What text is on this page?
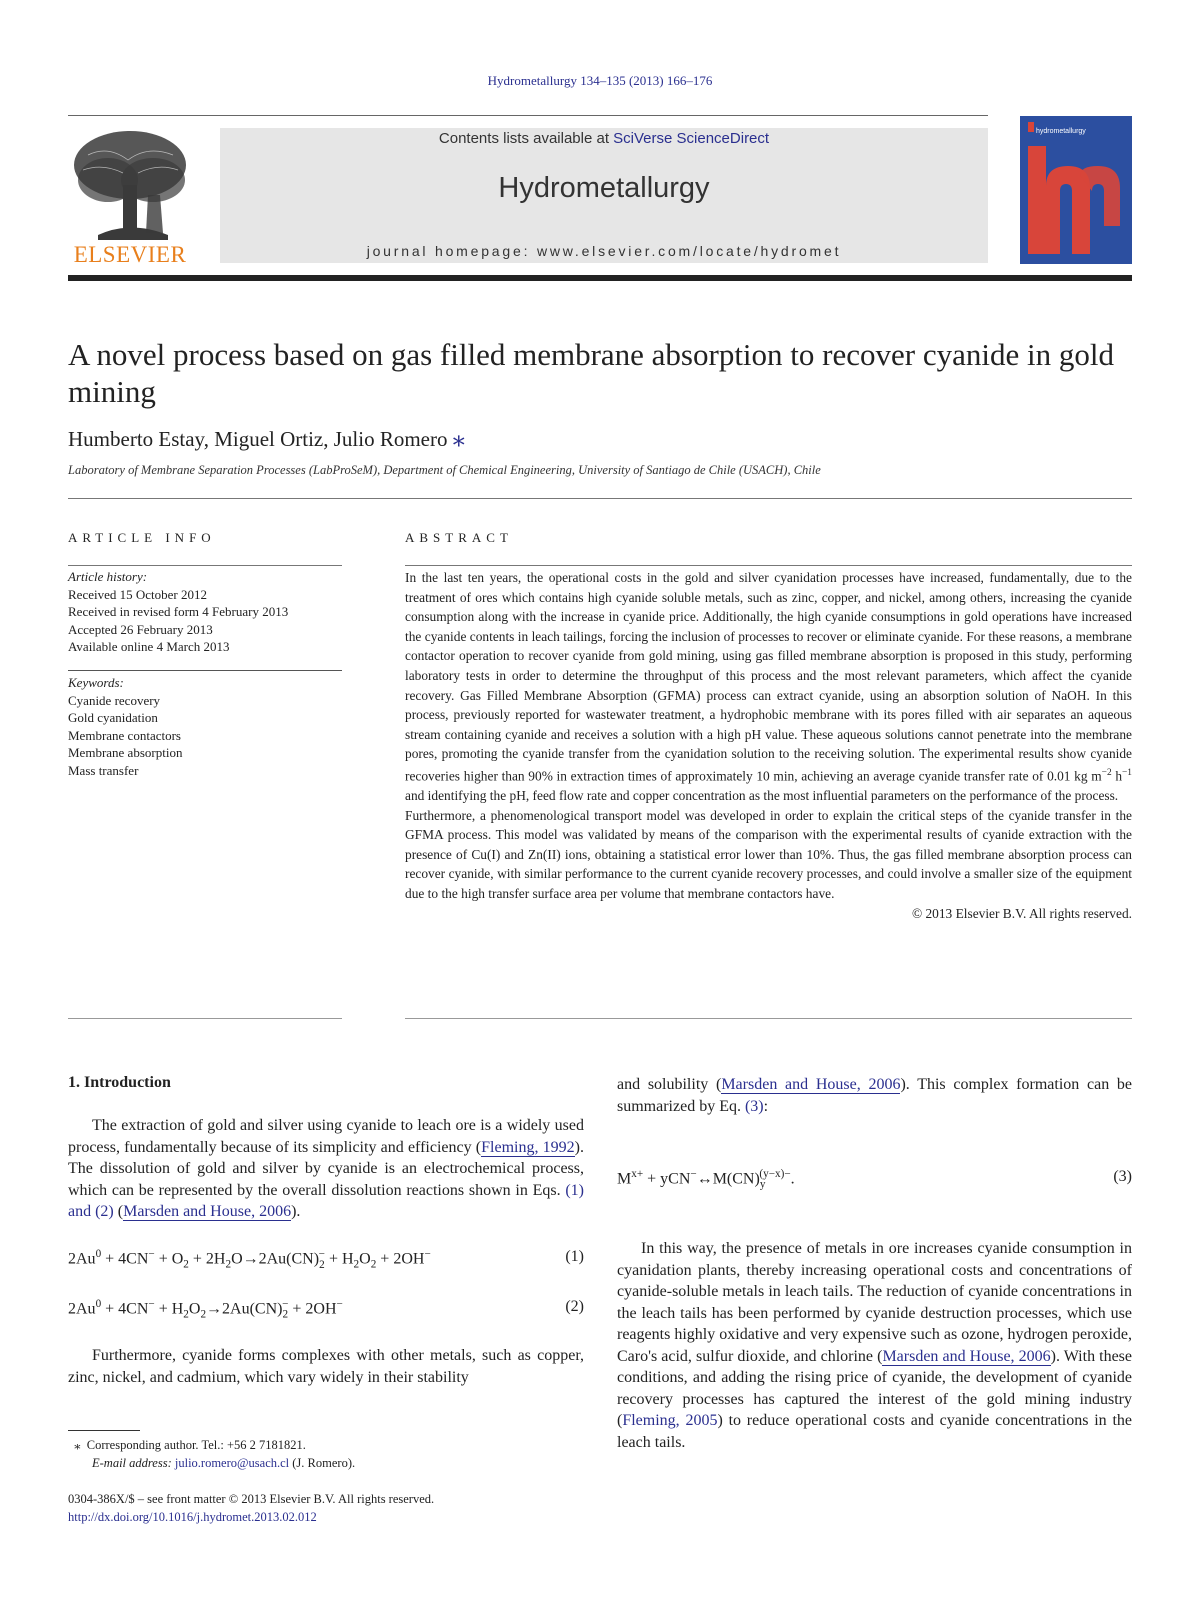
Hydrometallurgy 134–135 (2013) 166–176
ELSEVIER
Contents lists available at SciVerse ScienceDirect
Hydrometallurgy
journal homepage: www.elsevier.com/locate/hydromet
hydrometallurgy
A novel process based on gas filled membrane absorption to recover cyanide in gold mining
Humberto Estay, Miguel Ortiz, Julio Romero ⁎
Laboratory of Membrane Separation Processes (LabProSeM), Department of Chemical Engineering, University of Santiago de Chile (USACH), Chile
ARTICLE INFO
Article history:
Received 15 October 2012
Received in revised form 4 February 2013
Accepted 26 February 2013
Available online 4 March 2013
Keywords:
Cyanide recovery
Gold cyanidation
Membrane contactors
Membrane absorption
Mass transfer
ABSTRACT

In the last ten years, the operational costs in the gold and silver cyanidation processes have increased, fundamentally, due to the treatment of ores which contains high cyanide soluble metals, such as zinc, copper, and nickel, among others, increasing the cyanide consumption along with the increase in cyanide price. Additionally, the high cyanide consumptions in gold operations have increased the cyanide contents in leach tailings, forcing the inclusion of processes to recover or eliminate cyanide. For these reasons, a membrane contactor operation to recover cyanide from gold mining, using gas filled membrane absorption is proposed in this study, performing laboratory tests in order to determine the throughput of this process and the most relevant parameters, which affect the cyanide recovery. Gas Filled Membrane Absorption (GFMA) process can extract cyanide, using an absorption solution of NaOH. In this process, previously reported for wastewater treatment, a hydrophobic membrane with its pores filled with air separates an aqueous stream containing cyanide and receives a solution with a high pH value. These aqueous solutions cannot penetrate into the membrane pores, promoting the cyanide transfer from the cyanidation solution to the receiving solution. The experimental results show cyanide recoveries higher than 90% in extraction times of approximately 10 min, achieving an average cyanide transfer rate of 0.01 kg $m^{-2}$ $h^{-1}$ and identifying the pH, feed flow rate and copper concentration as the most influential parameters on the performance of the process.

Furthermore, a phenomenological transport model was developed in order to explain the critical steps of the cyanide transfer in the GFMA process. This model was validated by means of the comparison with the experimental results of cyanide extraction with the presence of Cu(I) and Zn(II) ions, obtaining a statistical error lower than 10%. Thus, the gas filled membrane absorption process can recover cyanide, with similar performance to the current cyanide recovery processes, and could involve a smaller size of the equipment due to the high transfer surface area per volume that membrane contactors have.

© 2013 Elsevier B.V. All rights reserved.

1. Introduction

The extraction of gold and silver using cyanide to leach ore is a widely used process, fundamentally because of its simplicity and efficiency (Fleming, 1992). The dissolution of gold and silver by cyanide is an electrochemical process, which can be represented by the overall dissolution reactions shown in Eqs. (1) and (2) (Marsden and House, 2006).

$2Au^0 + 4CN^- + O_2 + 2H_2O\to 2Au(CN)_2^- + H_2O_2 + 2OH^-$	(1)
$2Au^0 + 4CN^- + H_2O_2\to 2Au(CN)_2^- + 2OH^-$	(2)

Furthermore, cyanide forms complexes with other metals, such as copper, zinc, nickel, and cadmium, which vary widely in their stability

and solubility (Marsden and House, 2006). This complex formation can be summarized by Eq. (3):

$M^{x+}$ + $yCN^-\leftrightarrow M(CN)_y^{(y-x)-}$.	(3)

In this way, the presence of metals in ore increases cyanide consumption in cyanidation plants, thereby increasing operational costs and concentrations of cyanide-soluble metals in leach tails. The reduction of cyanide concentrations in the leach tails has been performed by cyanide destruction processes, which use reagents highly oxidative and very expensive such as ozone, hydrogen peroxide, Caro's acid, sulfur dioxide, and chlorine (Marsden and House, 2006). With these conditions, and adding the rising price of cyanide, the development of cyanide recovery processes has captured the interest of the gold mining industry (Fleming, 2005) to reduce operational costs and cyanide concentrations in the leach tails.

⁎ Corresponding author. Tel.: +56 2 7181821.
E-mail address: julio.romero@usach.cl (J. Romero).
0304-386X/$ – see front matter © 2013 Elsevier B.V. All rights reserved.
http://dx.doi.org/10.1016/j.hydromet.2013.02.012
